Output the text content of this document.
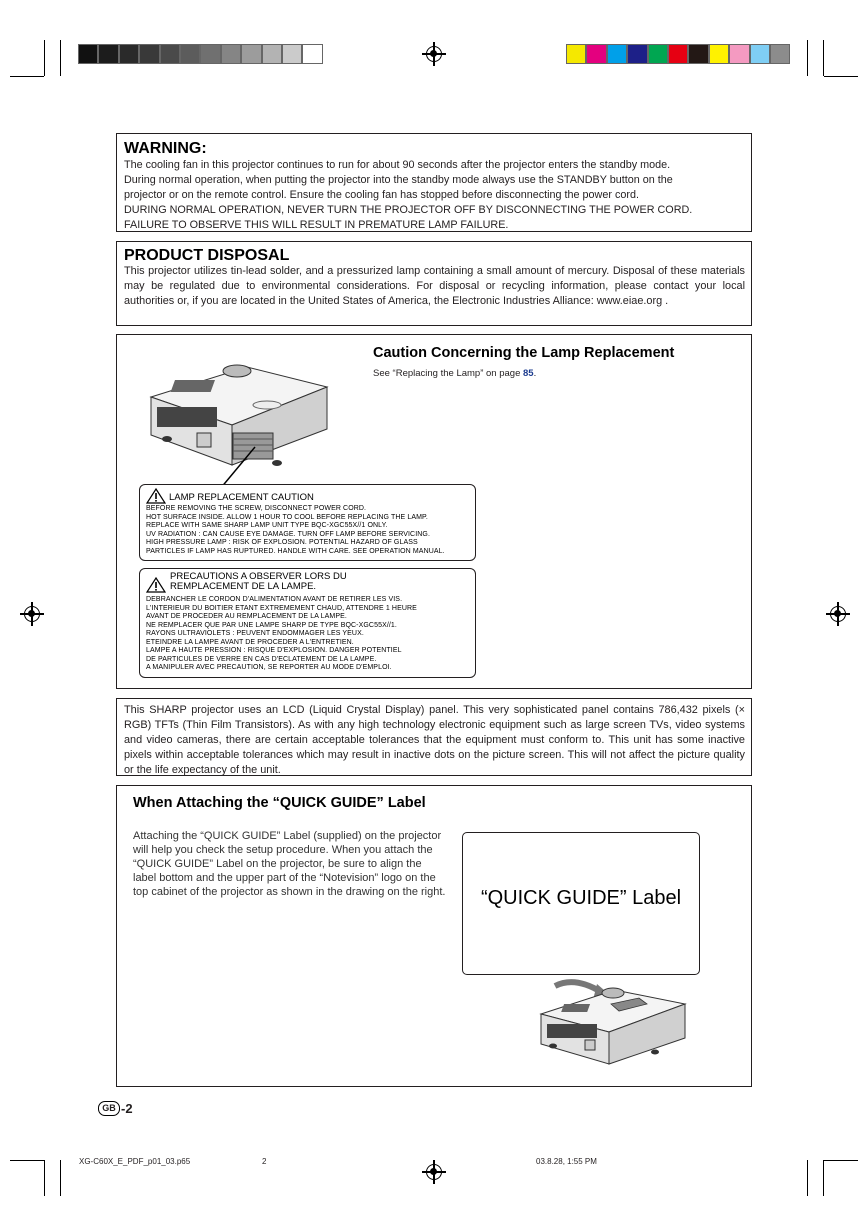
WARNING:
The cooling fan in this projector continues to run for about 90 seconds after the projector enters the standby mode.
During normal operation, when putting the projector into the standby mode always use the STANDBY button on the
projector or on the remote control. Ensure the cooling fan has stopped before disconnecting the power cord.
DURING NORMAL OPERATION, NEVER TURN THE PROJECTOR OFF BY DISCONNECTING THE POWER CORD.
FAILURE TO OBSERVE THIS WILL RESULT IN PREMATURE LAMP FAILURE.
PRODUCT DISPOSAL
This projector utilizes tin-lead solder, and a pressurized lamp containing a small amount of mercury. Disposal of these materials may be regulated due to environmental considerations. For disposal or recycling information, please contact your local authorities or, if you are located in the United States of America, the Electronic Industries Alliance: www.eiae.org .
Caution Concerning the Lamp Replacement
See “Replacing the Lamp” on page 85.
LAMP REPLACEMENT CAUTION
BEFORE REMOVING THE SCREW, DISCONNECT POWER CORD.
HOT SURFACE INSIDE. ALLOW 1 HOUR TO COOL BEFORE REPLACING THE LAMP.
REPLACE WITH SAME SHARP LAMP UNIT TYPE BQC-XGC55X//1 ONLY.
UV RADIATION : CAN CAUSE EYE DAMAGE. TURN OFF LAMP BEFORE SERVICING.
HIGH PRESSURE LAMP : RISK OF EXPLOSION. POTENTIAL HAZARD OF GLASS
PARTICLES IF LAMP HAS RUPTURED. HANDLE WITH CARE. SEE OPERATION MANUAL.
PRECAUTIONS A OBSERVER LORS DU
REMPLACEMENT DE LA LAMPE.
DEBRANCHER LE CORDON D'ALIMENTATION AVANT DE RETIRER LES VIS.
L'INTERIEUR DU BOITIER ETANT EXTREMEMENT CHAUD, ATTENDRE 1 HEURE
AVANT DE PROCEDER AU REMPLACEMENT DE LA LAMPE.
NE REMPLACER QUE PAR UNE LAMPE SHARP DE TYPE BQC-XGC55X//1.
RAYONS ULTRAVIOLETS : PEUVENT ENDOMMAGER LES YEUX.
ETEINDRE LA LAMPE AVANT DE PROCEDER A L'ENTRETIEN.
LAMPE A HAUTE PRESSION : RISQUE D'EXPLOSION. DANGER POTENTIEL
DE PARTICULES DE VERRE EN CAS D'ECLATEMENT DE LA LAMPE.
A MANIPULER AVEC PRECAUTION, SE REPORTER AU MODE D'EMPLOI.
This SHARP projector uses an LCD (Liquid Crystal Display) panel. This very sophisticated panel contains 786,432 pixels (× RGB) TFTs (Thin Film Transistors). As with any high technology electronic equipment such as large screen TVs, video systems and video cameras, there are certain acceptable tolerances that the equipment must conform to. This unit has some inactive pixels within acceptable tolerances which may result in inactive dots on the picture screen. This will not affect the picture quality or the life expectancy of the unit.
When Attaching the “QUICK GUIDE” Label
Attaching the “QUICK GUIDE” Label (supplied) on the projector will help you check the setup procedure. When you attach the “QUICK GUIDE” Label on the projector, be sure to align the label bottom and the upper part of the “Notevision” logo on the top cabinet of the projector as shown in the drawing on the right.	“QUICK GUIDE” Label
GB -2
XG-C60X_E_PDF_p01_03.p65	2	03.8.28, 1:55 PM
